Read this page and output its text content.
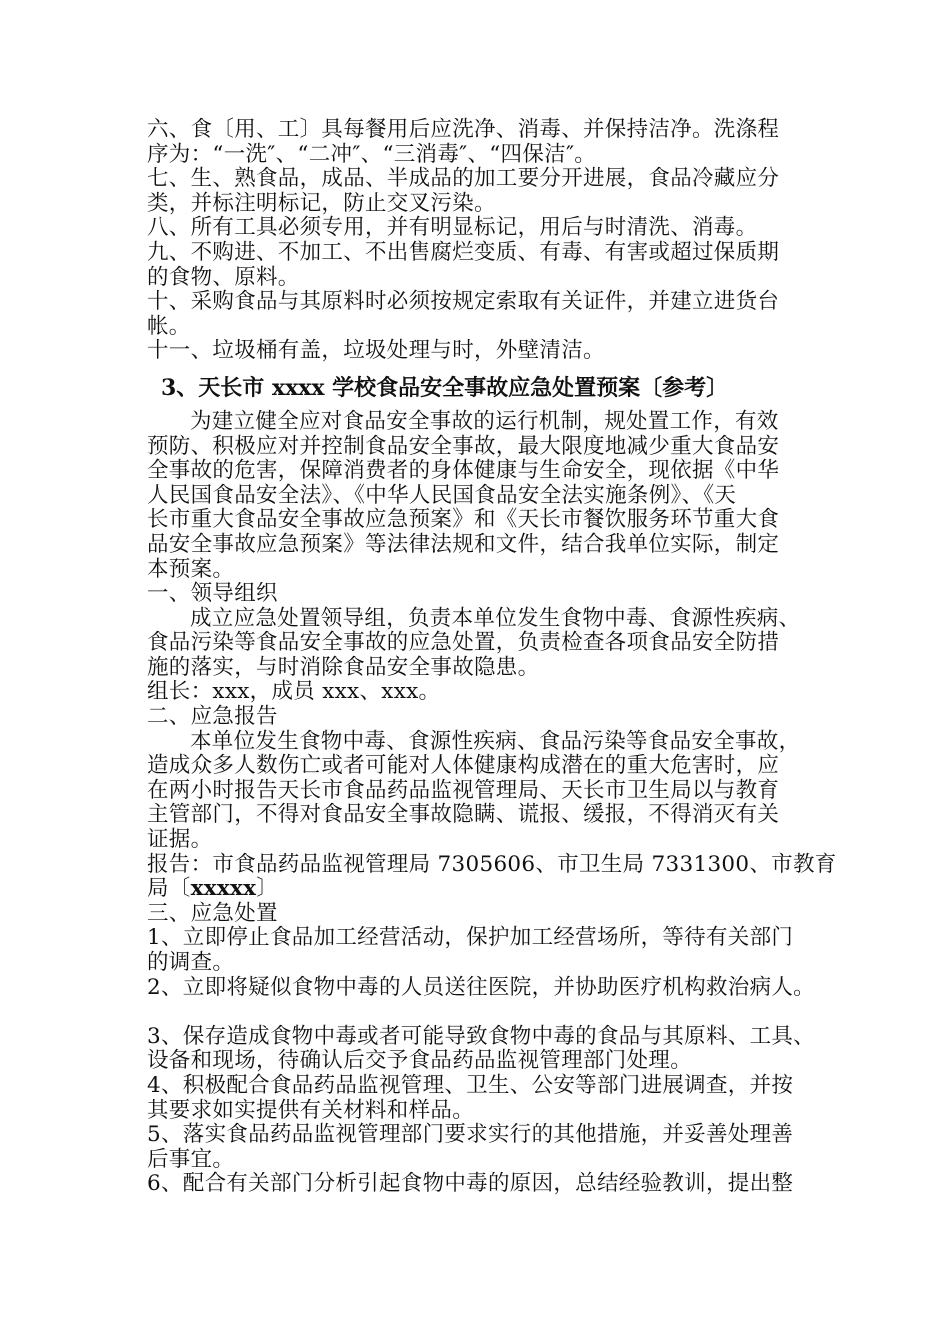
六、食〔用、工〕具每餐用后应洗净、消毒、并保持洁净。洗涤程
序为：“一洗″、“二冲″、“三消毒″、“四保洁″。
七、生、熟食品，成品、半成品的加工要分开进展，食品冷藏应分
类，并标注明标记，防止交叉污染。
八、所有工具必须专用，并有明显标记，用后与时清洗、消毒。
九、不购进、不加工、不出售腐烂变质、有毒、有害或超过保质期
的食物、原料。
十、采购食品与其原料时必须按规定索取有关证件，并建立进货台
帐。
十一、垃圾桶有盖，垃圾处理与时，外壁清洁。
3、天长市 xxxx 学校食品安全事故应急处置预案〔参考〕
为建立健全应对食品安全事故的运行机制，规处置工作，有效
预防、积极应对并控制食品安全事故，最大限度地减少重大食品安
全事故的危害，保障消费者的身体健康与生命安全，现依据《中华
人民国食品安全法》、《中华人民国食品安全法实施条例》、《天
长市重大食品安全事故应急预案》和《天长市餐饮服务环节重大食
品安全事故应急预案》等法律法规和文件，结合我单位实际，制定
本预案。
一、领导组织
成立应急处置领导组，负责本单位发生食物中毒、食源性疾病、
食品污染等食品安全事故的应急处置，负责检查各项食品安全防措
施的落实，与时消除食品安全事故隐患。
组长：xxx，成员 xxx、xxx。
二、应急报告
本单位发生食物中毒、食源性疾病、食品污染等食品安全事故，
造成众多人数伤亡或者可能对人体健康构成潜在的重大危害时，应
在两小时报告天长市食品药品监视管理局、天长市卫生局以与教育
主管部门，不得对食品安全事故隐瞒、谎报、缓报，不得消灭有关
证据。
报告：市食品药品监视管理局 7305606、市卫生局 7331300、市教育
局〔xxxxx〕
三、应急处置
1、立即停止食品加工经营活动，保护加工经营场所，等待有关部门
的调查。
2、立即将疑似食物中毒的人员送往医院，并协助医疗机构救治病人。
3、保存造成食物中毒或者可能导致食物中毒的食品与其原料、工具、
设备和现场，待确认后交予食品药品监视管理部门处理。
4、积极配合食品药品监视管理、卫生、公安等部门进展调查，并按
其要求如实提供有关材料和样品。
5、落实食品药品监视管理部门要求实行的其他措施，并妥善处理善
后事宜。
6、配合有关部门分析引起食物中毒的原因，总结经验教训，提出整
